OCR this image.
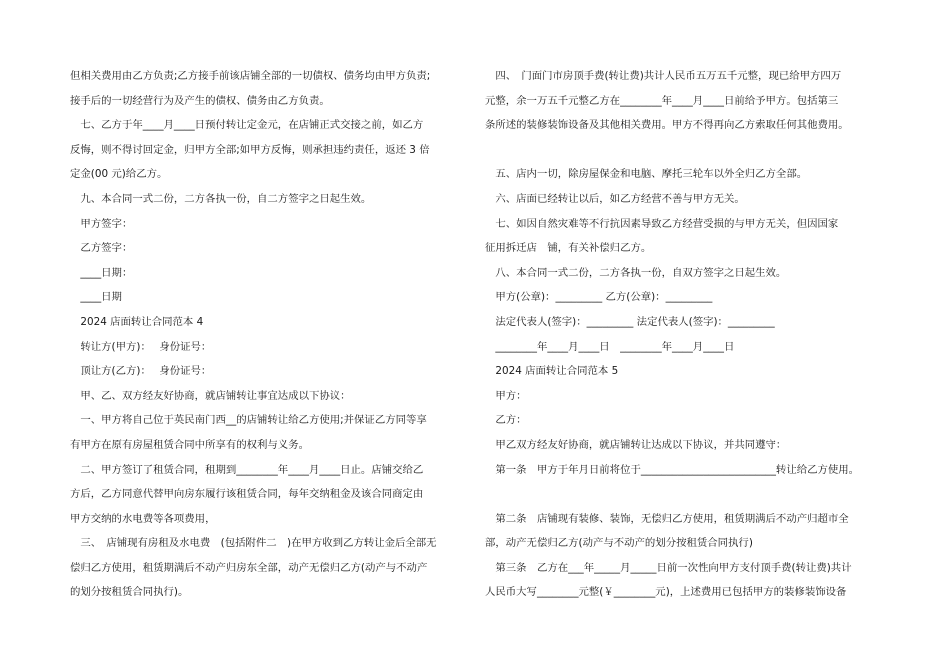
但相关费用由乙方负责;乙方接手前该店铺全部的一切债权、债务均由甲方负责;

接手后的一切经营行为及产生的债权、债务由乙方负责。

　七、乙方于年____月____日预付转让定金元，在店铺正式交接之前，如乙方

反悔，则不得讨回定金，归甲方全部;如甲方反悔，则承担违约责任，返还 3 倍

定金(00 元)给乙方。

　九、本合同一式二份，二方各执一份，自二方签字之日起生效。

　甲方签字：

　乙方签字：

　____日期：

　____日期

　2024 店面转让合同范本 4

　转让方(甲方)：　 身份证号：

　顶让方(乙方)：　 身份证号：

　甲、乙、双方经友好协商，就店铺转让事宜达成以下协议：

　一、甲方将自己位于英民南门西__的店铺转让给乙方使用;并保证乙方同等享

有甲方在原有房屋租赁合同中所享有的权利与义务。

　二、甲方签订了租赁合同，租期到________年____月____日止。店铺交给乙

方后，乙方同意代替甲向房东履行该租赁合同，每年交纳租金及该合同商定由

甲方交纳的水电费等各项费用，

　三、　店铺现有房租及水电费　(包括附件二　)在甲方收到乙方转让金后全部无

偿归乙方使用，租赁期满后不动产归房东全部，动产无偿归乙方(动产与不动产

的划分按租赁合同执行)。

　四、　门面门市房顶手费(转让费)共计人民币五万五千元整，现已给甲方四万

元整，余一万五千元整乙方在________年____月____日前给予甲方。包括第三

条所述的装修装饰设备及其他相关费用。甲方不得再向乙方索取任何其他费用。

　五、店内一切，除房屋保金和电脑、摩托三轮车以外全归乙方全部。

　六、店面已经转让以后，如乙方经营不善与甲方无关。

　七、如因自然灾难等不行抗因素导致乙方经营受损的与甲方无关，但因国家

征用拆迁店　铺，有关补偿归乙方。

　八、本合同一式二份，二方各执一份，自双方签字之日起生效。

　甲方(公章)：_________ 乙方(公章)：_________

　法定代表人(签字)：_________ 法定代表人(签字)：_________

　________年____月____日　________年____月____日

　2024 店面转让合同范本 5

　甲方：

　乙方：

　甲乙双方经友好协商，就店铺转让达成以下协议，并共同遵守：

　第一条　甲方于年月日前将位于__________________________转让给乙方使用。

　第二条　店铺现有装修、装饰，无偿归乙方使用，租赁期满后不动产归超市全

部，动产无偿归乙方(动产与不动产的划分按租赁合同执行)

　第三条　乙方在___年_____月_____日前一次性向甲方支付顶手费(转让费)共计

人民币大写________元整(￥________元)，上述费用已包括甲方的装修装饰设备
